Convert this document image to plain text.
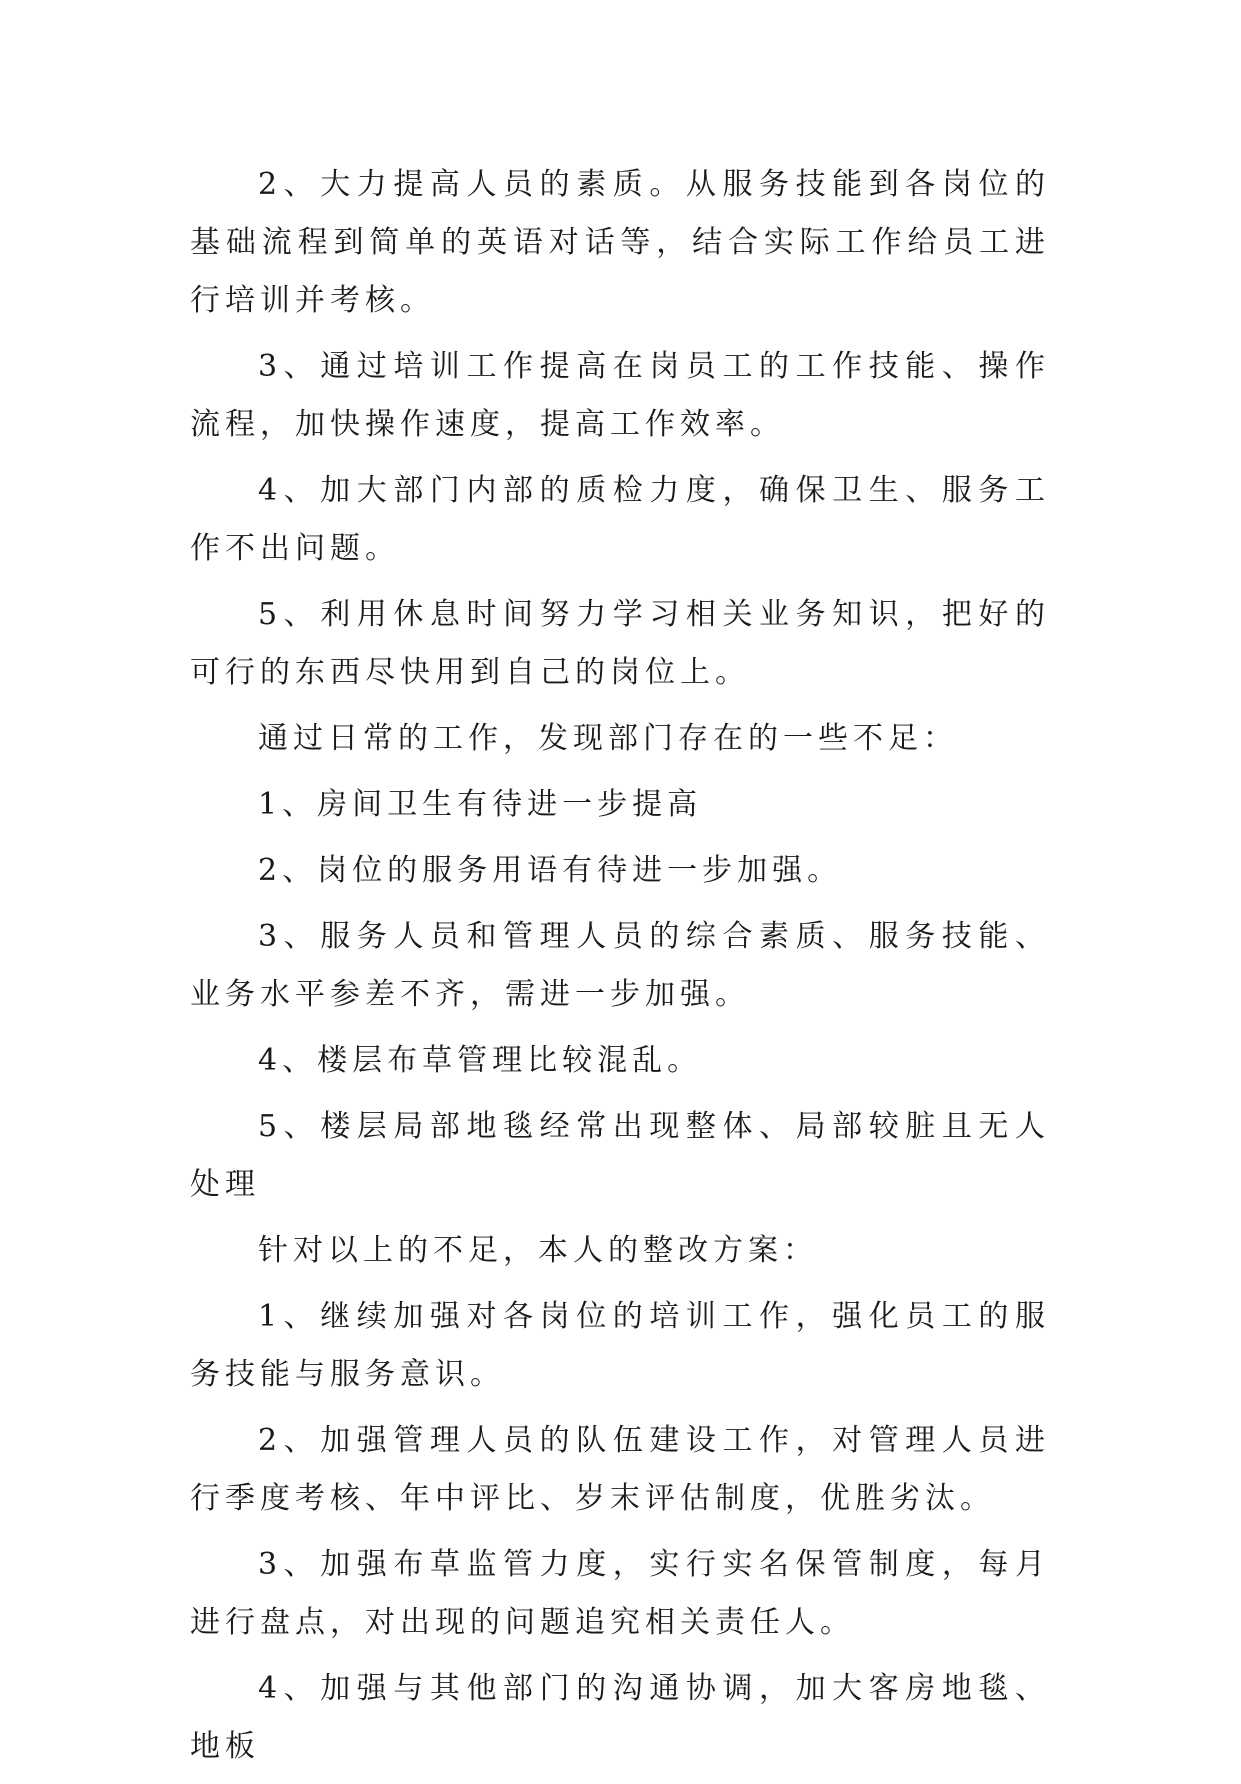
2、大力提高人员的素质。从服务技能到各岗位的基础流程到简单的英语对话等，结合实际工作给员工进行培训并考核。

3、通过培训工作提高在岗员工的工作技能、操作流程，加快操作速度，提高工作效率。

4、加大部门内部的质检力度，确保卫生、服务工作不出问题。

5、利用休息时间努力学习相关业务知识，把好的可行的东西尽快用到自己的岗位上。

通过日常的工作，发现部门存在的一些不足：

1、房间卫生有待进一步提高

2、岗位的服务用语有待进一步加强。

3、服务人员和管理人员的综合素质、服务技能、业务水平参差不齐，需进一步加强。

4、楼层布草管理比较混乱。

5、楼层局部地毯经常出现整体、局部较脏且无人处理

针对以上的不足，本人的整改方案：

1、继续加强对各岗位的培训工作，强化员工的服务技能与服务意识。

2、加强管理人员的队伍建设工作，对管理人员进行季度考核、年中评比、岁末评估制度，优胜劣汰。

3、加强布草监管力度，实行实名保管制度，每月进行盘点，对出现的问题追究相关责任人。

4、加强与其他部门的沟通协调，加大客房地毯、地板
